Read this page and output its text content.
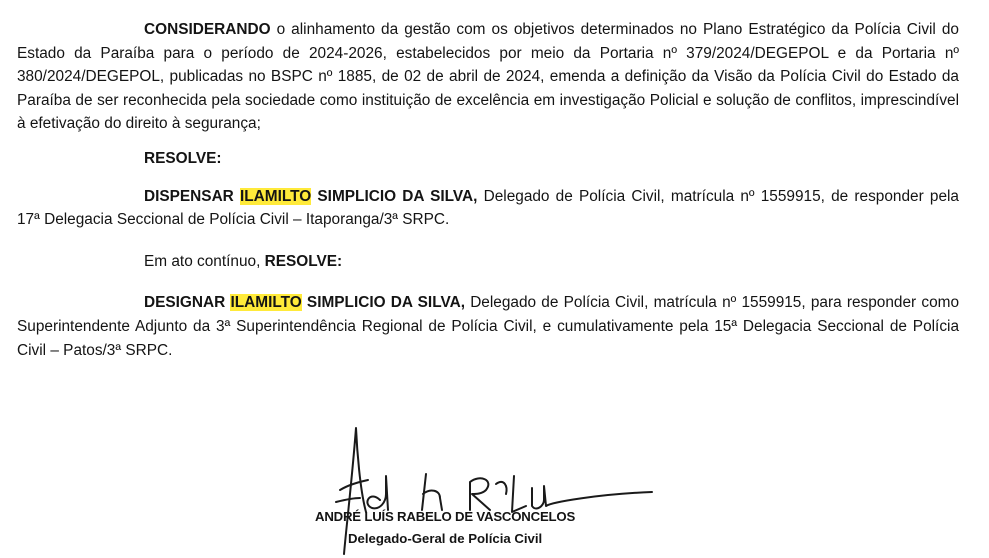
CONSIDERANDO o alinhamento da gestão com os objetivos determinados no Plano Estratégico da Polícia Civil do Estado da Paraíba para o período de 2024-2026, estabelecidos por meio da Portaria nº 379/2024/DEGEPOL e da Portaria nº 380/2024/DEGEPOL, publicadas no BSPC nº 1885, de 02 de abril de 2024, emenda a definição da Visão da Polícia Civil do Estado da Paraíba de ser reconhecida pela sociedade como instituição de excelência em investigação Policial e solução de conflitos, imprescindível à efetivação do direito à segurança;

RESOLVE:

DISPENSAR ILAMILTO SIMPLICIO DA SILVA, Delegado de Polícia Civil, matrícula nº 1559915, de responder pela 17ª Delegacia Seccional de Polícia Civil – Itaporanga/3ª SRPC.

Em ato contínuo, RESOLVE:

DESIGNAR ILAMILTO SIMPLICIO DA SILVA, Delegado de Polícia Civil, matrícula nº 1559915, para responder como Superintendente Adjunto da 3ª Superintendência Regional de Polícia Civil, e cumulativamente pela 15ª Delegacia Seccional de Polícia Civil – Patos/3ª SRPC.

ANDRÉ LUÍS RABELO DE VASCONCELOS
Delegado-Geral de Polícia Civil
